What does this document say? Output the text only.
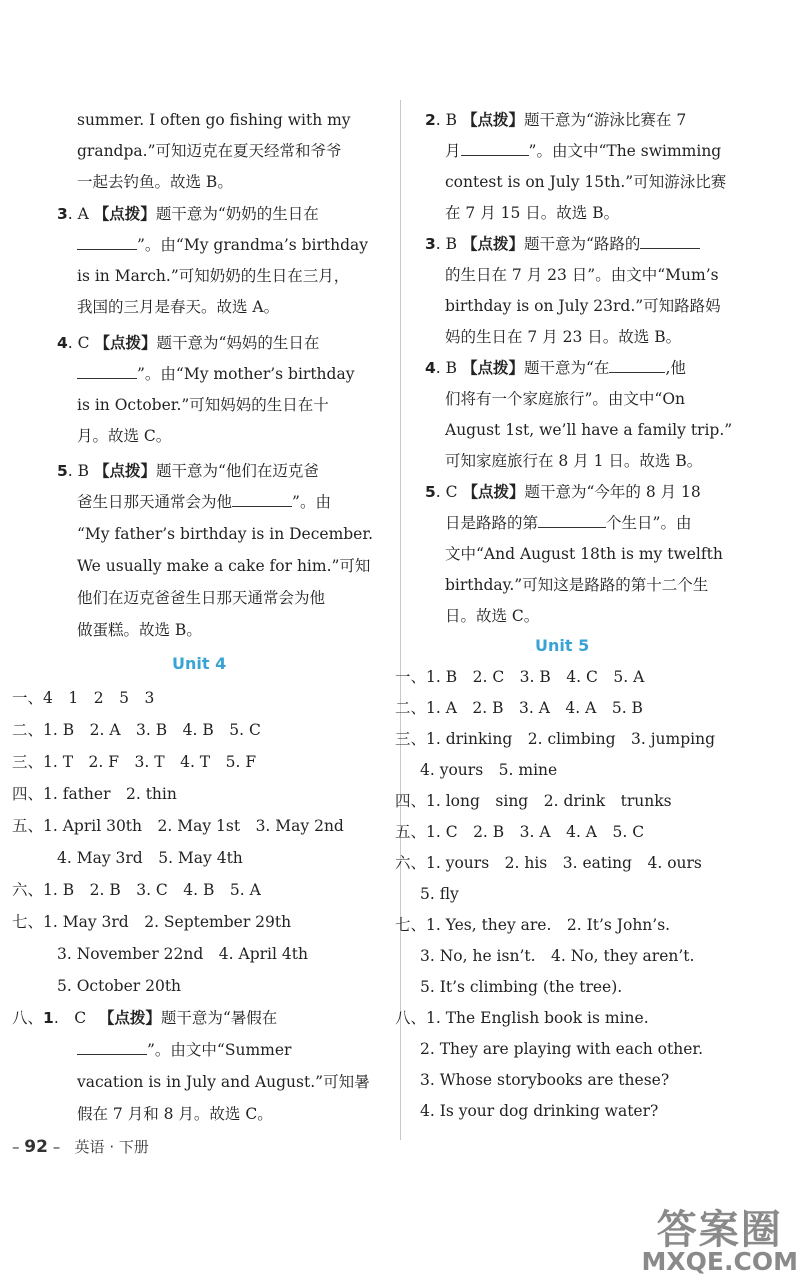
summer. I often go fishing with my
grandpa.”可知迈克在夏天经常和爷爷
一起去钓鱼。故选 B。
3. A 【点拨】题干意为“奶奶的生日在
”。由“My grandma’s birthday
is in March.”可知奶奶的生日在三月，
我国的三月是春天。故选 A。
4. C 【点拨】题干意为“妈妈的生日在
”。由“My mother’s birthday
is in October.”可知妈妈的生日在十
月。故选 C。
5. B 【点拨】题干意为“他们在迈克爸
爸生日那天通常会为他	”。由
“My father’s birthday is in December.
We usually make a cake for him.”可知
他们在迈克爸爸生日那天通常会为他
做蛋糕。故选 B。
Unit 4
一、4　1　2　5　3
二、1. B　2. A　3. B　4. B　5. C
三、1. T　2. F　3. T　4. T　5. F
四、1. father　2. thin
五、1. April 30th　2. May 1st　3. May 2nd
4. May 3rd　5. May 4th
六、1. B　2. B　3. C　4. B　5. A
七、1. May 3rd　2. September 29th
3. November 22nd　4. April 4th
5. October 20th
八、1.　C 　 【点拨】题干意为“暑假在
”。由文中“Summer
vacation is in July and August.”可知暑
假在 7 月和 8 月。故选 C。
2. B 【点拨】题干意为“游泳比赛在 7
月	”。由文中“The swimming
contest is on July 15th.”可知游泳比赛
在 7 月 15 日。故选 B。
3. B 【点拨】题干意为“路路的
的生日在 7 月 23 日”。由文中“Mum’s
birthday is on July 23rd.”可知路路妈
妈的生日在 7 月 23 日。故选 B。
4. B 【点拨】题干意为“在	,他
们将有一个家庭旅行”。由文中“On
August 1st, we’ll have a family trip.”
可知家庭旅行在 8 月 1 日。故选 B。
5. C 【点拨】题干意为“今年的 8 月 18
日是路路的第	个生日”。由
文中“And August 18th is my twelfth
birthday.”可知这是路路的第十二个生
日。故选 C。
Unit 5
一、1. B　2. C　3. B　4. C　5. A
二、1. A　2. B　3. A　4. A　5. B
三、1. drinking　2. climbing　3. jumping
4. yours　5. mine
四、1. long　sing　2. drink　trunks
五、1. C　2. B　3. A　4. A　5. C
六、1. yours　2. his　3. eating　4. ours
5. fly
七、1. Yes, they are.　2. It’s John’s.
3. No, he isn’t.　4. No, they aren’t.
5. It’s climbing (the tree).
八、1. The English book is mine.
2. They are playing with each other.
3. Whose storybooks are these?
4. Is your dog drinking water?
– 92 – 英语 · 下册
答案圈
MXQE.COM
